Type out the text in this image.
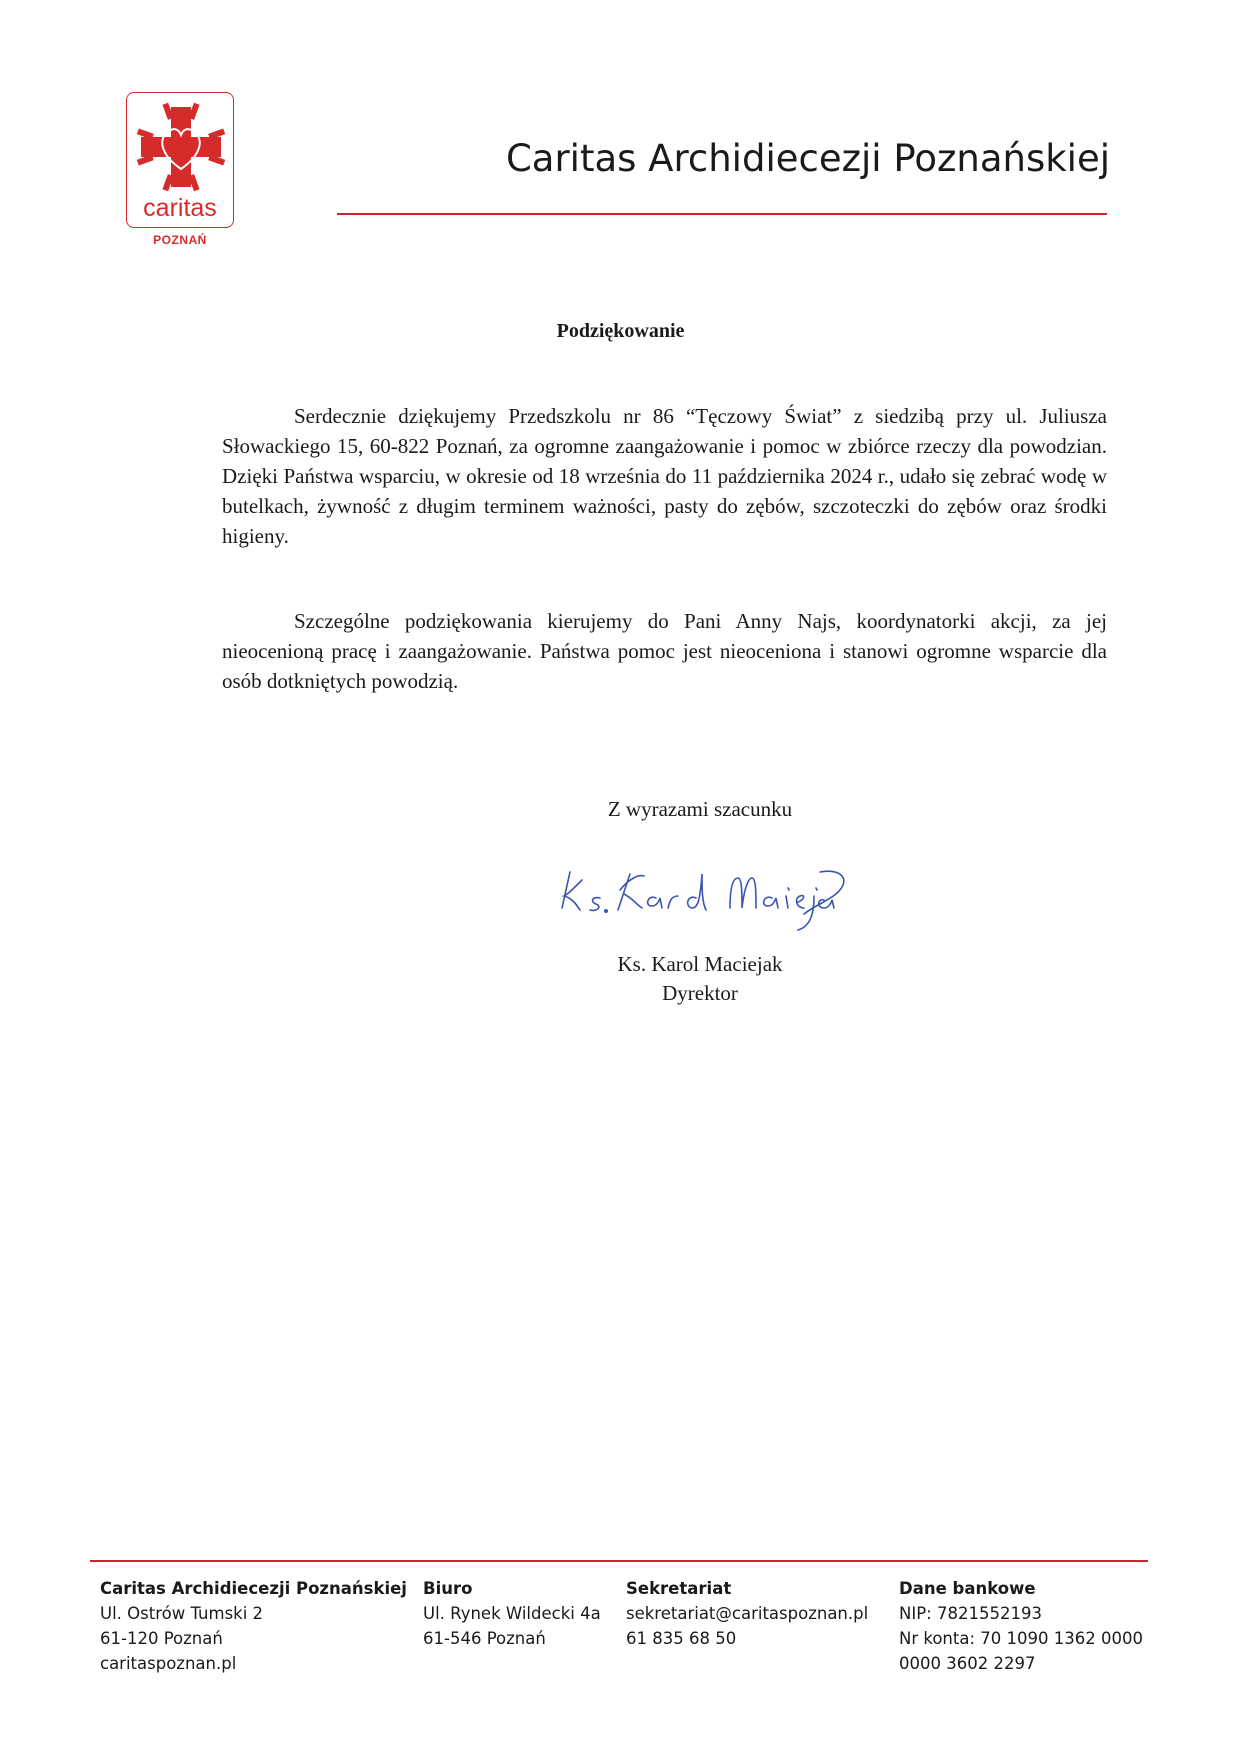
caritas
POZNAŃ
Caritas Archidiecezji Poznańskiej
Podziękowanie

Serdecznie dziękujemy Przedszkolu nr 86 “Tęczowy Świat” z siedzibą przy ul. Juliusza Słowackiego 15, 60-822 Poznań, za ogromne zaangażowanie i pomoc w zbiórce rzeczy dla powodzian. Dzięki Państwa wsparciu, w okresie od 18 września do 11 października 2024 r., udało się zebrać wodę w butelkach, żywność z długim terminem ważności, pasty do zębów, szczoteczki do zębów oraz środki higieny.

Szczególne podziękowania kierujemy do Pani Anny Najs, koordynatorki akcji, za jej nieocenioną pracę i zaangażowanie. Państwa pomoc jest nieoceniona i stanowi ogromne wsparcie dla osób dotkniętych powodzią.

Z wyrazami szacunku
Ks. Karol Maciejak
Ks. Karol Maciejak
Dyrektor
Caritas Archidiecezji Poznańskiej
Ul. Ostrów Tumski 2
61-120 Poznań
caritaspoznan.pl
Biuro
Ul. Rynek Wildecki 4a
61-546 Poznań
Sekretariat
sekretariat@caritaspoznan.pl
61 835 68 50
Dane bankowe
NIP: 7821552193
Nr konta: 70 1090 1362 0000
0000 3602 2297
